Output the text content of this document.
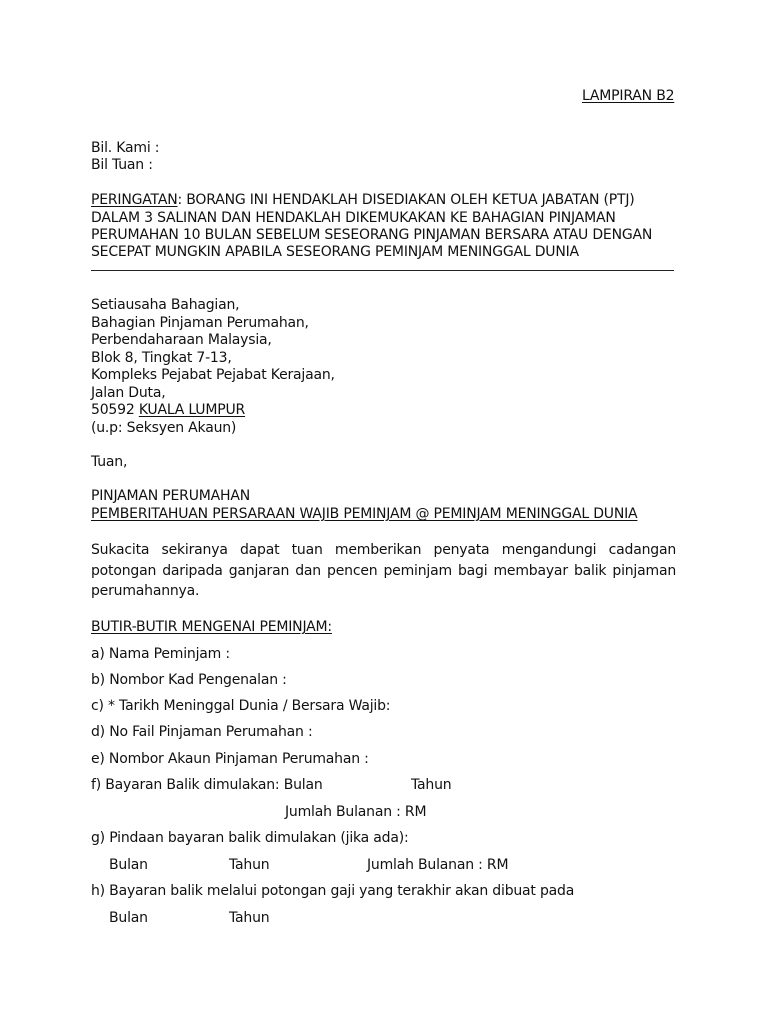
LAMPIRAN B2
Bil. Kami :
Bil Tuan :
PERINGATAN: BORANG INI HENDAKLAH DISEDIAKAN OLEH KETUA JABATAN (PTJ)
DALAM 3 SALINAN DAN HENDAKLAH DIKEMUKAKAN KE BAHAGIAN PINJAMAN
PERUMAHAN 10 BULAN SEBELUM SESEORANG PINJAMAN BERSARA ATAU DENGAN
SECEPAT MUNGKIN APABILA SESEORANG PEMINJAM MENINGGAL DUNIA
Setiausaha Bahagian,
Bahagian Pinjaman Perumahan,
Perbendaharaan Malaysia,
Blok 8, Tingkat 7-13,
Kompleks Pejabat Pejabat Kerajaan,
Jalan Duta,
50592 KUALA LUMPUR
(u.p: Seksyen Akaun)
Tuan,
PINJAMAN PERUMAHAN
PEMBERITAHUAN PERSARAAN WAJIB PEMINJAM @ PEMINJAM MENINGGAL DUNIA
Sukacita sekiranya dapat tuan memberikan penyata mengandungi cadangan potongan daripada ganjaran dan pencen peminjam bagi membayar balik pinjaman perumahannya.
BUTIR-BUTIR MENGENAI PEMINJAM:
a) Nama Peminjam :
b) Nombor Kad Pengenalan :
c) * Tarikh Meninggal Dunia / Bersara Wajib:
d) No Fail Pinjaman Perumahan :
e) Nombor Akaun Pinjaman Perumahan :
f) Bayaran Balik dimulakan: Bulan	Tahun
Jumlah Bulanan : RM
g) Pindaan bayaran balik dimulakan (jika ada):
Bulan	Tahun	Jumlah Bulanan : RM
h) Bayaran balik melalui potongan gaji yang terakhir akan dibuat pada
Bulan	Tahun
